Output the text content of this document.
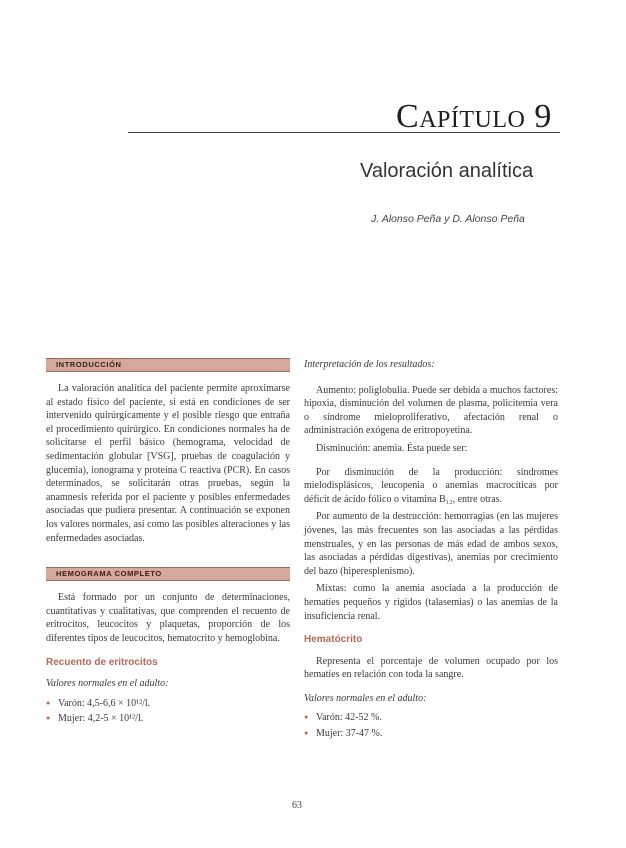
CAPÍTULO 9
Valoración analítica
J. Alonso Peña y D. Alonso Peña
INTRODUCCIÓN

La valoración analítica del paciente permite aproximarse al estado físico del paciente, si está en condiciones de ser intervenido quirúrgicamente y el posible riesgo que entraña el procedimiento quirúrgico. En condiciones normales ha de solicitarse el perfil básico (hemograma, velocidad de sedimentación globular [VSG], pruebas de coagulación y glucemia), ionograma y proteína C reactiva (PCR). En casos determinados, se solicitarán otras pruebas, según la anamnesis referida por el paciente y posibles enfermedades asociadas que pudiera presentar. A continuación se exponen los valores normales, así como las posibles alteraciones y las enfermedades asociadas.

HEMOGRAMA COMPLETO

Está formado por un conjunto de determinaciones, cuantitativas y cualitativas, que comprenden el recuento de eritrocitos, leucocitos y plaquetas, proporción de los diferentes tipos de leucocitos, hematocrito y hemoglobina.

Recuento de eritrocitos

Valores normales en el adulto:

● Varón: 4,5-6,6 × 10¹²/l.
● Mujer: 4,2-5 × 10¹²/l.

Interpretación de los resultados:

Aumento: poliglobulia. Puede ser debida a muchos factores: hipoxia, disminución del volumen de plasma, policitemia vera o síndrome mieloproliferativo, afectación renal o administración exógena de eritropoyetina.

Disminución: anemia. Ésta puede ser:

Por disminución de la producción: síndromes mielodisplásicos, leucopenia o anemias macrocíticas por déficit de ácido fólico o vitamina B₁₂, entre otras.

Por aumento de la destrucción: hemorragias (en las mujeres jóvenes, las más frecuentes son las asociadas a las pérdidas menstruales, y en las personas de más edad de ambos sexos, las asociadas a pérdidas digestivas), anemias por crecimiento del bazo (hiperesplenismo).

Mixtas: como la anemia asociada a la producción de hematíes pequeños y rígidos (talasemias) o las anemias de la insuficiencia renal.

Hematócrito

Representa el porcentaje de volumen ocupado por los hematíes en relación con toda la sangre.

Valores normales en el adulto:

● Varón: 42-52 %.
● Mujer: 37-47 %.
63
